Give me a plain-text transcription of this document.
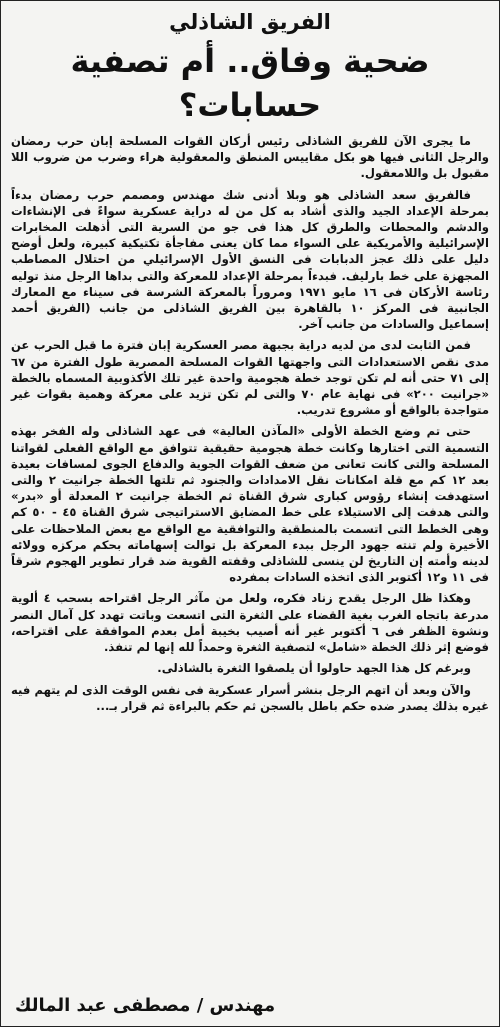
الفريق الشاذلي
ضحية وفاق.. أم تصفية حسابات؟

ما يجرى الآن للفريق الشاذلى رئيس أركان القوات المسلحة إبان حرب رمضان والرجل الثانى فيها هو بكل مقاييس المنطق والمعقولية هراء وضرب من ضروب اللا مقبول بل واللامعقول.

فالفريق سعد الشاذلى هو وبلا أدنى شك مهندس ومصمم حرب رمضان بدءاً بمرحلة الإعداد الجيد والذى أشاد به كل من له دراية عسكرية سواءً فى الإنشاءات والدشم والمحطات والطرق كل هذا فى جو من السرية التى أذهلت المخابرات الإسرائيلية والأمريكية على السواء مما كان يعنى مفاجأة تكتيكية كبيرة، ولعل أوضح دليل على ذلك عجز الدبابات فى النسق الأول الإسرائيلي من احتلال المصاطب المجهزة على خط بارليف. فبدءاً بمرحلة الإعداد للمعركة والتى بداها الرجل منذ توليه رئاسة الأركان فى ١٦ مايو ١٩٧١ ومروراً بالمعركة الشرسة فى سيناء مع المعارك الجانبية فى المركز ١٠ بالقاهرة بين الفريق الشاذلى من جانب (الفريق أحمد إسماعيل والسادات من جانب آخر.

فمن الثابت لدى من لديه دراية بجبهة مصر العسكرية إبان فترة ما قبل الحرب عن مدى نقص الاستعدادات التى واجهتها القوات المسلحة المصرية طول الفترة من ٦٧ إلى ٧١ حتى أنه لم تكن توجد خطة هجومية واحدة غير تلك الأكذوبية المسماه بالخطة «جرانيت ٢٠٠» فى نهاية عام ٧٠ والتى لم تكن تزيد على معركة وهمية بقوات غير متواجدة بالواقع أو مشروع تدريب.

حتى تم وضع الخطة الأولى «المآذن العالية» فى عهد الشاذلى وله الفخر بهذه التسمية التى اختارها وكانت خطة هجومية حقيقية تتوافق مع الواقع الفعلى لقواتنا المسلحة والتى كانت تعانى من ضعف القوات الجوية والدفاع الجوى لمسافات بعيدة بعد ١٢ كم مع قلة امكانات نقل الامدادات والجنود ثم تلتها الخطة جرانيت ٢ والتى استهدفت إنشاء رؤوس كبارى شرق القناة ثم الخطة جرانيت ٢ المعدلة أو «بدر» والتى هدفت إلى الاستيلاء على خط المضايق الاستراتيجى شرق القناة ٤٥ - ٥٠ كم وهى الخطط التى اتسمت بالمنطقية والتوافقية مع الواقع مع بعض الملاحظات على الأخيرة ولم تنته جهود الرجل ببدء المعركة بل توالت إسهاماته بحكم مركزه وولائه لدينه وأمته إن التاريخ لن ينسى للشاذلى وقفته القوية ضد قرار تطوير الهجوم شرقاً فى ١١ و١٢ أكتوبر الذى اتخذه السادات بمفرده

وهكذا ظل الرجل يقدح زناد فكره، ولعل من مآثر الرجل اقتراحه بسحب ٤ ألوية مدرعة باتجاه الغرب بغية القضاء على الثغرة التى اتسعت وباتت تهدد كل آمال النصر ونشوة الظفر فى ٦ أكتوبر غير أنه أصيب بخيبة أمل بعدم الموافقة على اقتراحه، فوضع إثر ذلك الخطة «شامل» لتصفية الثغرة وحمداً لله إنها لم تنفذ.

وبرغم كل هذا الجهد حاولوا أن يلصقوا الثغرة بالشاذلى.

والآن وبعد أن اتهم الرجل بنشر أسرار عسكرية فى نفس الوقت الذى لم يتهم فيه غيره بذلك يصدر ضده حكم باطل بالسجن ثم حكم بالبراءة ثم قرار بـ...

مهندس / مصطفى عبد المالك
